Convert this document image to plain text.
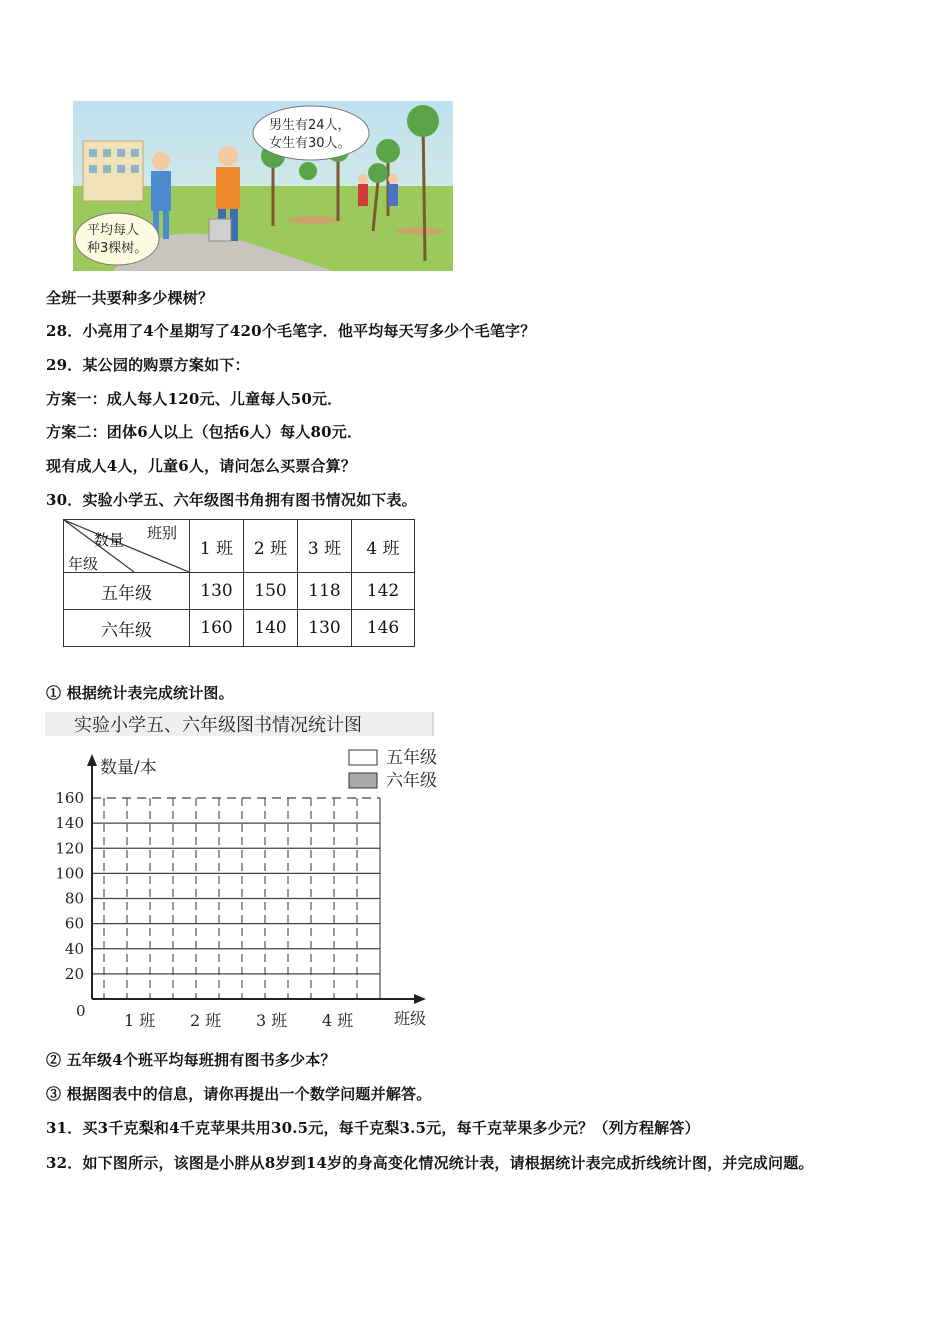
男生有24人，
女生有30人。
平均每人
种3棵树。
全班一共要种多少棵树？
28．小亮用了4个星期写了420个毛笔字．他平均每天写多少个毛笔字？
29．某公园的购票方案如下：
方案一：成人每人120元、儿童每人50元．
方案二：团体6人以上（包括6人）每人80元．
现有成人4人，儿童6人，请问怎么买票合算？
30．实验小学五、六年级图书角拥有图书情况如下表。
班别
数量
年级	1 班	2 班	3 班	4 班
五年级	130	150	118	142
六年级	160	140	130	146
① 根据统计表完成统计图。
实验小学五、六年级图书情况统计图
五年级
六年级
数量/本
20
40
60
80
100
120
140
160
1 班 2 班 3 班 4 班
0	班级
② 五年级4个班平均每班拥有图书多少本？
③ 根据图表中的信息，请你再提出一个数学问题并解答。
31．买3千克梨和4千克苹果共用30.5元，每千克梨3.5元，每千克苹果多少元？（列方程解答）
32．如下图所示，该图是小胖从8岁到14岁的身高变化情况统计表，请根据统计表完成折线统计图，并完成问题。
